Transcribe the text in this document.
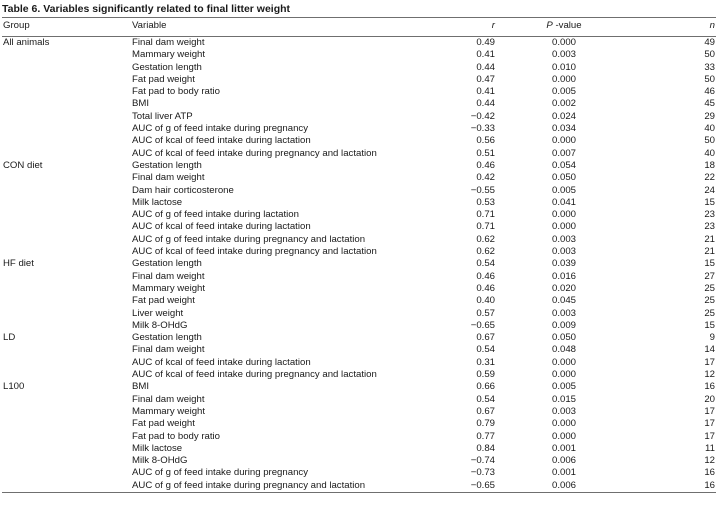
Table 6. Variables significantly related to final litter weight
Group	Variable	r	P -value	n
All animals	Final dam weight	0.49	0.000	49
	Mammary weight	0.41	0.003	50
	Gestation length	0.44	0.010	33
	Fat pad weight	0.47	0.000	50
	Fat pad to body ratio	0.41	0.005	46
	BMI	0.44	0.002	45
	Total liver ATP	−0.42	0.024	29
	AUC of g of feed intake during pregnancy	−0.33	0.034	40
	AUC of kcal of feed intake during lactation	0.56	0.000	50
	AUC of kcal of feed intake during pregnancy and lactation	0.51	0.007	40
CON diet	Gestation length	0.46	0.054	18
	Final dam weight	0.42	0.050	22
	Dam hair corticosterone	−0.55	0.005	24
	Milk lactose	0.53	0.041	15
	AUC of g of feed intake during lactation	0.71	0.000	23
	AUC of kcal of feed intake during lactation	0.71	0.000	23
	AUC of g of feed intake during pregnancy and lactation	0.62	0.003	21
	AUC of kcal of feed intake during pregnancy and lactation	0.62	0.003	21
HF diet	Gestation length	0.54	0.039	15
	Final dam weight	0.46	0.016	27
	Mammary weight	0.46	0.020	25
	Fat pad weight	0.40	0.045	25
	Liver weight	0.57	0.003	25
	Milk 8-OHdG	−0.65	0.009	15
LD	Gestation length	0.67	0.050	9
	Final dam weight	0.54	0.048	14
	AUC of kcal of feed intake during lactation	0.31	0.000	17
	AUC of kcal of feed intake during pregnancy and lactation	0.59	0.000	12
L100	BMI	0.66	0.005	16
	Final dam weight	0.54	0.015	20
	Mammary weight	0.67	0.003	17
	Fat pad weight	0.79	0.000	17
	Fat pad to body ratio	0.77	0.000	17
	Milk lactose	0.84	0.001	11
	Milk 8-OHdG	−0.74	0.006	12
	AUC of g of feed intake during pregnancy	−0.73	0.001	16
	AUC of g of feed intake during pregnancy and lactation	−0.65	0.006	16
